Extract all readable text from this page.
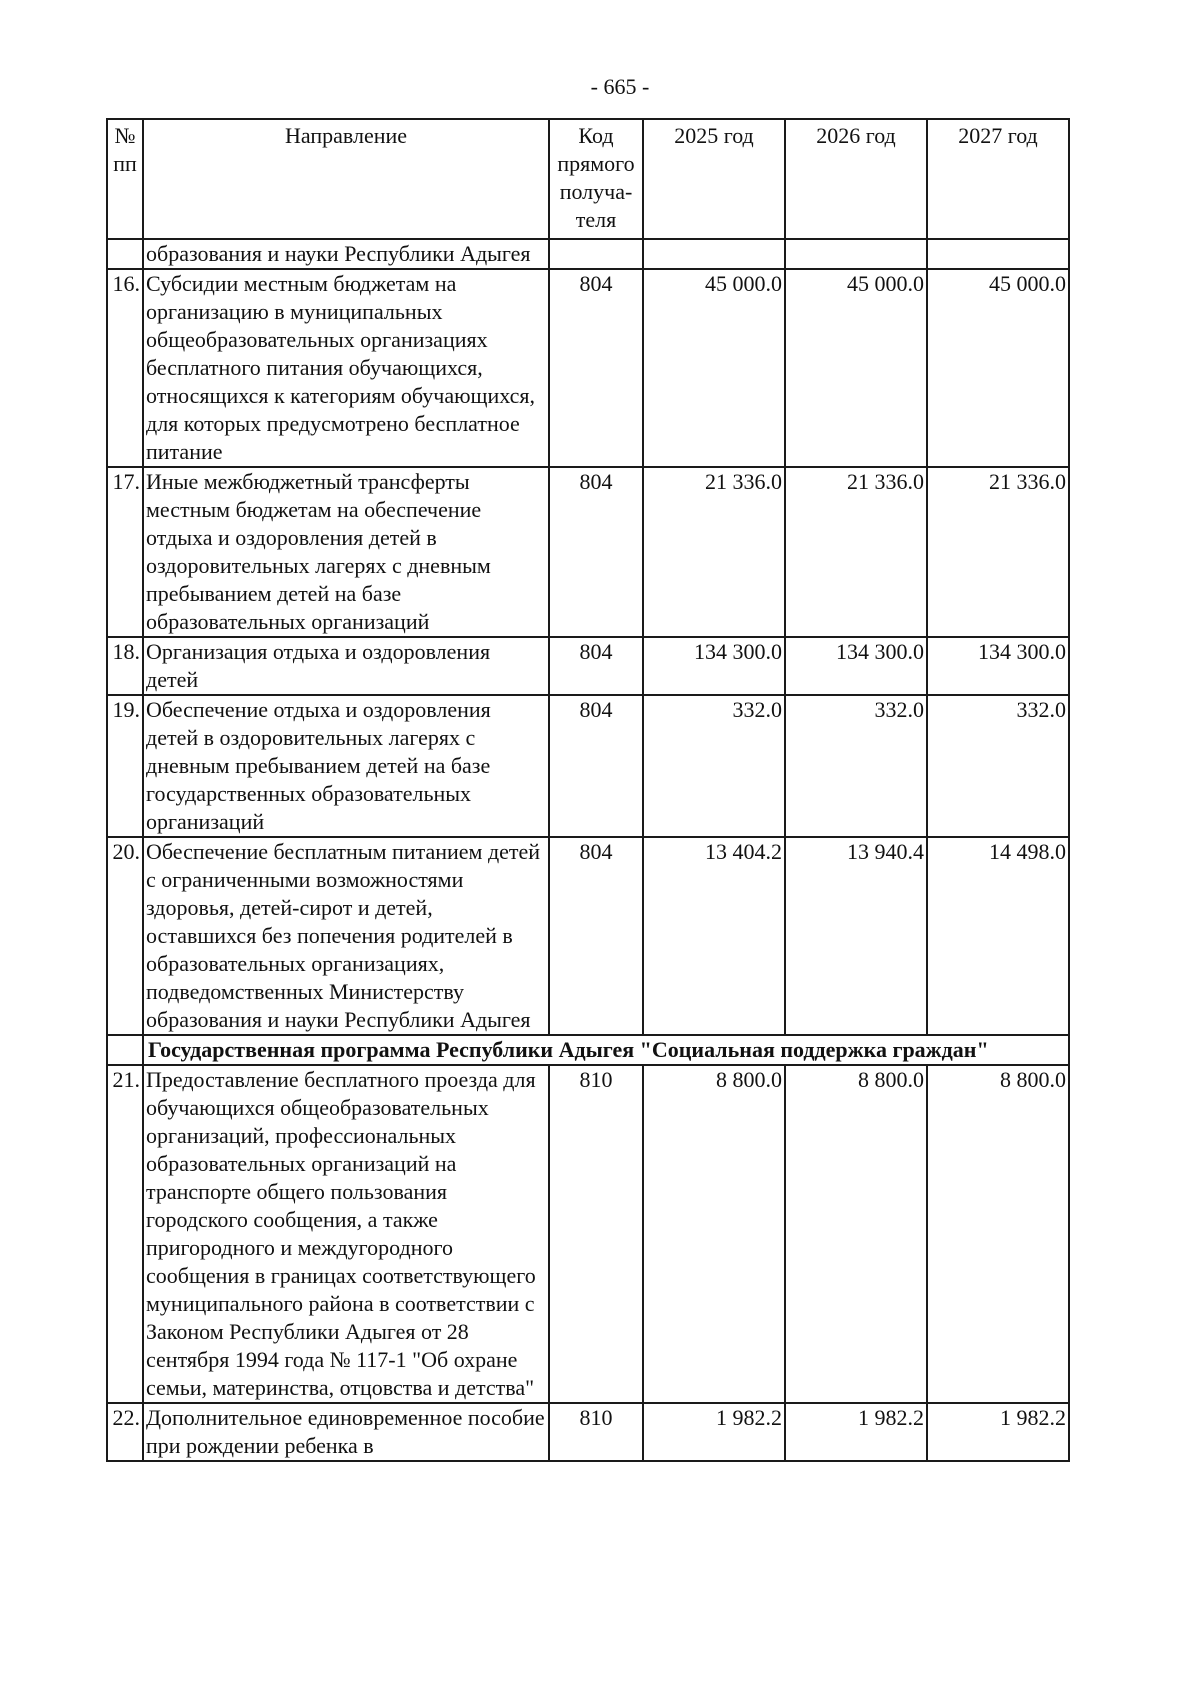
- 665 -
№ пп	Направление	Код
прямого
получа-
теля	2025 год	2026 год	2027 год
	образования и науки Республики Адыгея				
16.	Субсидии местным бюджетам на организацию в муниципальных общеобразовательных организациях бесплатного питания обучающихся, относящихся к категориям обучающихся, для которых предусмотрено бесплатное питание	804	45 000.0	45 000.0	45 000.0
17.	Иные межбюджетный трансферты местным бюджетам на обеспечение отдыха и оздоровления детей в оздоровительных лагерях с дневным пребыванием детей на базе образовательных организаций	804	21 336.0	21 336.0	21 336.0
18.	Организация отдыха и оздоровления детей	804	134 300.0	134 300.0	134 300.0
19.	Обеспечение отдыха и оздоровления детей в оздоровительных лагерях с дневным пребыванием детей на базе государственных образовательных организаций	804	332.0	332.0	332.0
20.	Обеспечение бесплатным питанием детей с ограниченными возможностями здоровья, детей-сирот и детей, оставшихся без попечения родителей в образовательных организациях, подведомственных Министерству образования и науки Республики Адыгея	804	13 404.2	13 940.4	14 498.0
	Государственная программа Республики Адыгея "Социальная поддержка граждан"				
21.	Предоставление бесплатного проезда для обучающихся общеобразовательных организаций, профессиональных образовательных организаций на транспорте общего пользования городского сообщения, а также пригородного и междугородного сообщения в границах соответствующего муниципального района в соответствии с Законом Республики Адыгея от 28 сентября 1994 года № 117-1 "Об охране семьи, материнства, отцовства и детства"	810	8 800.0	8 800.0	8 800.0
22.	Дополнительное единовременное пособие при рождении ребенка в	810	1 982.2	1 982.2	1 982.2
